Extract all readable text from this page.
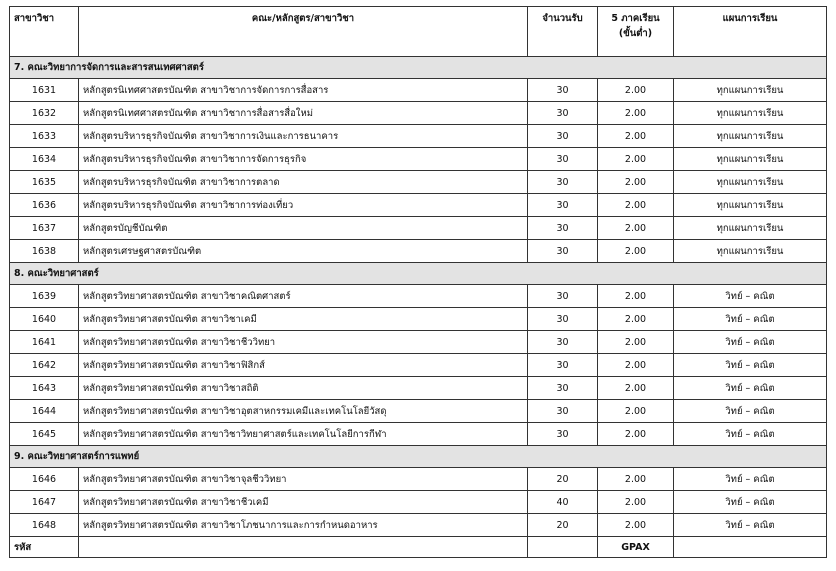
สาขาวิชา	คณะ/หลักสูตร/สาขาวิชา	จำนวนรับ	5 ภาคเรียน
(ขั้นต่ำ)	แผนการเรียน
7. คณะวิทยาการจัดการและสารสนเทศศาสตร์				
1631	หลักสูตรนิเทศศาสตรบัณฑิต สาขาวิชาการจัดการการสื่อสาร	30	2.00	ทุกแผนการเรียน
1632	หลักสูตรนิเทศศาสตรบัณฑิต สาขาวิชาการสื่อสารสื่อใหม่	30	2.00	ทุกแผนการเรียน
1633	หลักสูตรบริหารธุรกิจบัณฑิต สาขาวิชาการเงินและการธนาคาร	30	2.00	ทุกแผนการเรียน
1634	หลักสูตรบริหารธุรกิจบัณฑิต สาขาวิชาการจัดการธุรกิจ	30	2.00	ทุกแผนการเรียน
1635	หลักสูตรบริหารธุรกิจบัณฑิต สาขาวิชาการตลาด	30	2.00	ทุกแผนการเรียน
1636	หลักสูตรบริหารธุรกิจบัณฑิต สาขาวิชาการท่องเที่ยว	30	2.00	ทุกแผนการเรียน
1637	หลักสูตรบัญชีบัณฑิต	30	2.00	ทุกแผนการเรียน
1638	หลักสูตรเศรษฐศาสตรบัณฑิต	30	2.00	ทุกแผนการเรียน
8. คณะวิทยาศาสตร์				
1639	หลักสูตรวิทยาศาสตรบัณฑิต สาขาวิชาคณิตศาสตร์	30	2.00	วิทย์ – คณิต
1640	หลักสูตรวิทยาศาสตรบัณฑิต สาขาวิชาเคมี	30	2.00	วิทย์ – คณิต
1641	หลักสูตรวิทยาศาสตรบัณฑิต สาขาวิชาชีววิทยา	30	2.00	วิทย์ – คณิต
1642	หลักสูตรวิทยาศาสตรบัณฑิต สาขาวิชาฟิสิกส์	30	2.00	วิทย์ – คณิต
1643	หลักสูตรวิทยาศาสตรบัณฑิต สาขาวิชาสถิติ	30	2.00	วิทย์ – คณิต
1644	หลักสูตรวิทยาศาสตรบัณฑิต สาขาวิชาอุตสาหกรรมเคมีและเทคโนโลยีวัสดุ	30	2.00	วิทย์ – คณิต
1645	หลักสูตรวิทยาศาสตรบัณฑิต สาขาวิชาวิทยาศาสตร์และเทคโนโลยีการกีฬา	30	2.00	วิทย์ – คณิต
9. คณะวิทยาศาสตร์การแพทย์				
1646	หลักสูตรวิทยาศาสตรบัณฑิต สาขาวิชาจุลชีววิทยา	20	2.00	วิทย์ – คณิต
1647	หลักสูตรวิทยาศาสตรบัณฑิต สาขาวิชาชีวเคมี	40	2.00	วิทย์ – คณิต
1648	หลักสูตรวิทยาศาสตรบัณฑิต สาขาวิชาโภชนาการและการกำหนดอาหาร	20	2.00	วิทย์ – คณิต
รหัส			GPAX	
